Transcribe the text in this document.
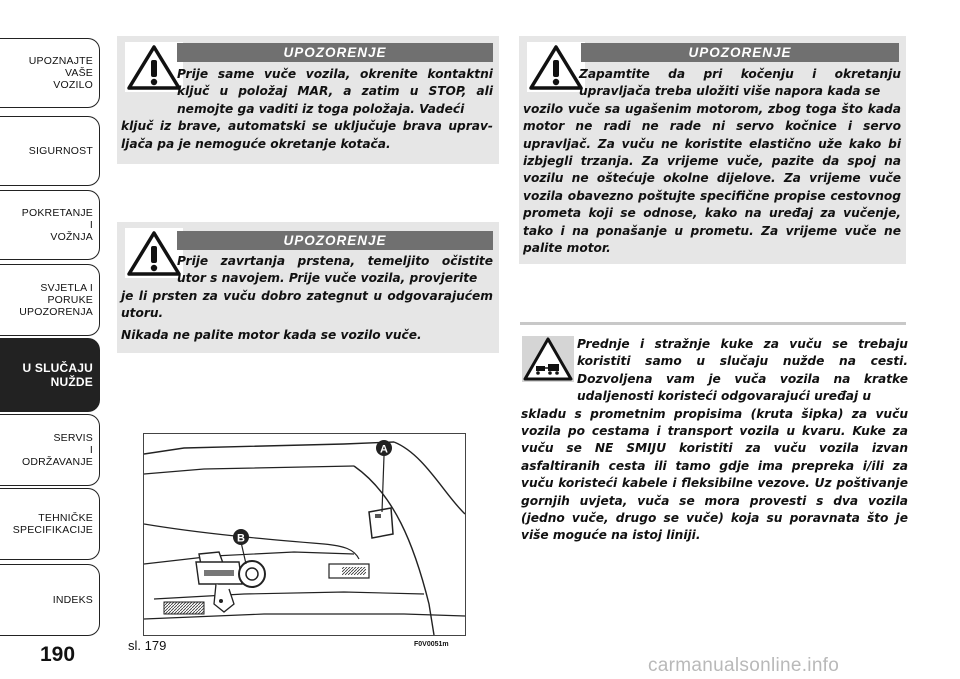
UPOZNAJTE
VAŠE
VOZILO
SIGURNOST
POKRETANJE
I
VOŽNJA
SVJETLA I
PORUKE
UPOZORENJA
U SLUČAJU
NUŽDE
SERVIS
I
ODRŽAVANJE
TEHNIČKE
SPECIFIKACIJE
INDEKS
190
UPOZORENJE
Prije same vuče vozila, okrenite kontaktni ključ u položaj MAR, a zatim u STOP, ali nemojte ga vaditi iz toga položaja. Vadeći
ključ iz brave, automatski se uključuje brava uprav-ljača pa je nemoguće okretanje kotača.
UPOZORENJE
Prije zavrtanja prstena, temeljito očistite utor s navojem. Prije vuče vozila, provjerite
je li prsten za vuču dobro zategnut u odgovarajućem utoru.
Nikada ne palite motor kada se vozilo vuče.
UPOZORENJE
Zapamtite da pri kočenju i okretanju upravljača treba uložiti više napora kada se
vozilo vuče sa ugašenim motorom, zbog toga što kada motor ne radi ne rade ni servo kočnice i servo upravljač. Za vuču ne koristite elastično uže kako bi izbjegli trzanja. Za vrijeme vuče, pazite da spoj na vozilu ne oštećuje okolne dijelove. Za vrijeme vuče vozila obavezno poštujte specifične propise cestovnog prometa koji se odnose, kako na uređaj za vučenje, tako i na ponašanje u prometu. Za vrijeme vuče ne palite motor.
Prednje i stražnje kuke za vuču se trebaju koristiti samo u slučaju nužde na cesti. Dozvoljena vam je vuča vozila na kratke udaljenosti koristeći odgovarajući uređaj u
skladu s prometnim propisima (kruta šipka) za vuču vozila po cestama i transport vozila u kvaru. Kuke za vuču se NE SMIJU koristiti za vuču vozila izvan asfaltiranih cesta ili tamo gdje ima prepreka i/ili za vuču koristeći kabele i fleksibilne vezove. Uz poštivanje gornjih uvjeta, vuča se mora provesti s dva vozila (jedno vuče, drugo se vuče) koja su poravnata što je više moguće na istoj liniji.
A
B
sl. 179	F0V0051m
carmanualsonline.info
